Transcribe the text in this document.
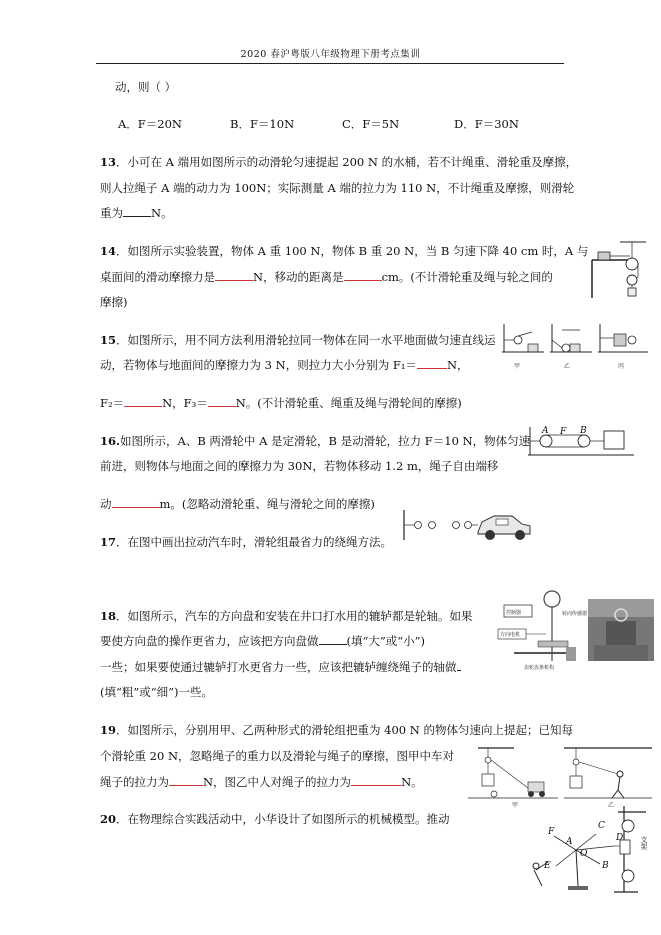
2020 春沪粤版八年级物理下册考点集训
动，则（ ）
A．F＝20N	B．F＝10N	C．F＝5N	D．F＝30N
13．小可在 A 端用如图所示的动滑轮匀速提起 200 N 的水桶，若不计绳重、滑轮重及摩擦，
则人拉绳子 A 端的动力为 100N；实际测量 A 端的拉力为 110 N，不计绳重及摩擦，则滑轮
重为 N。
14．如图所示实验装置，物体 A 重 100 N，物体 B 重 20 N，当 B 匀速下降 40 cm 时，A 与
桌面间的滑动摩擦力是	N，移动的距离是	cm。(不计滑轮重及绳与轮之间的
摩擦)
15．如图所示，用不同方法利用滑轮拉同一物体在同一水平地面做匀速直线运
动，若物体与地面间的摩擦力为 3 N，则拉力大小分别为 F₁＝	N，
F₂＝	N，F₃＝ N。(不计滑轮重、绳重及绳与滑轮间的摩擦)
甲	乙	丙
16.如图所示，A、B 两滑轮中 A 是定滑轮，B 是动滑轮，拉力 F＝10 N，物体匀速
前进，则物体与地面之间的摩擦力为 30N，若物体移动 1.2 m，绳子自由端移
动	m。(忽略动滑轮重、绳与滑轮之间的摩擦)
A F B
17．在图中画出拉动汽车时，滑轮组最省力的绕绳方法。
18．如图所示，汽车的方向盘和安装在井口打水用的辘轳都是轮轴。如果
要使方向盘的操作更省力，应该把方向盘做 (填“大”或“小”)
一些；如果要使通过辘轳打水更省力一些，应该把辘轳缠绕绳子的轴做
(填“粗”或“细”)一些。
控制器	转向传感器
方向电机
齿轮齿条机构
19．如图所示，分别用甲、乙两种形式的滑轮组把重为 400 N 的物体匀速向上提起；已知每
个滑轮重 20 N，忽略绳子的重力以及滑轮与绳子的摩擦，图甲中车对
绳子的拉力为	N，图乙中人对绳子的拉力为	N。
甲	乙
20．在物理综合实践活动中，小华设计了如图所示的机械模型。推动
F
A
O
B
C
E
D 支架
